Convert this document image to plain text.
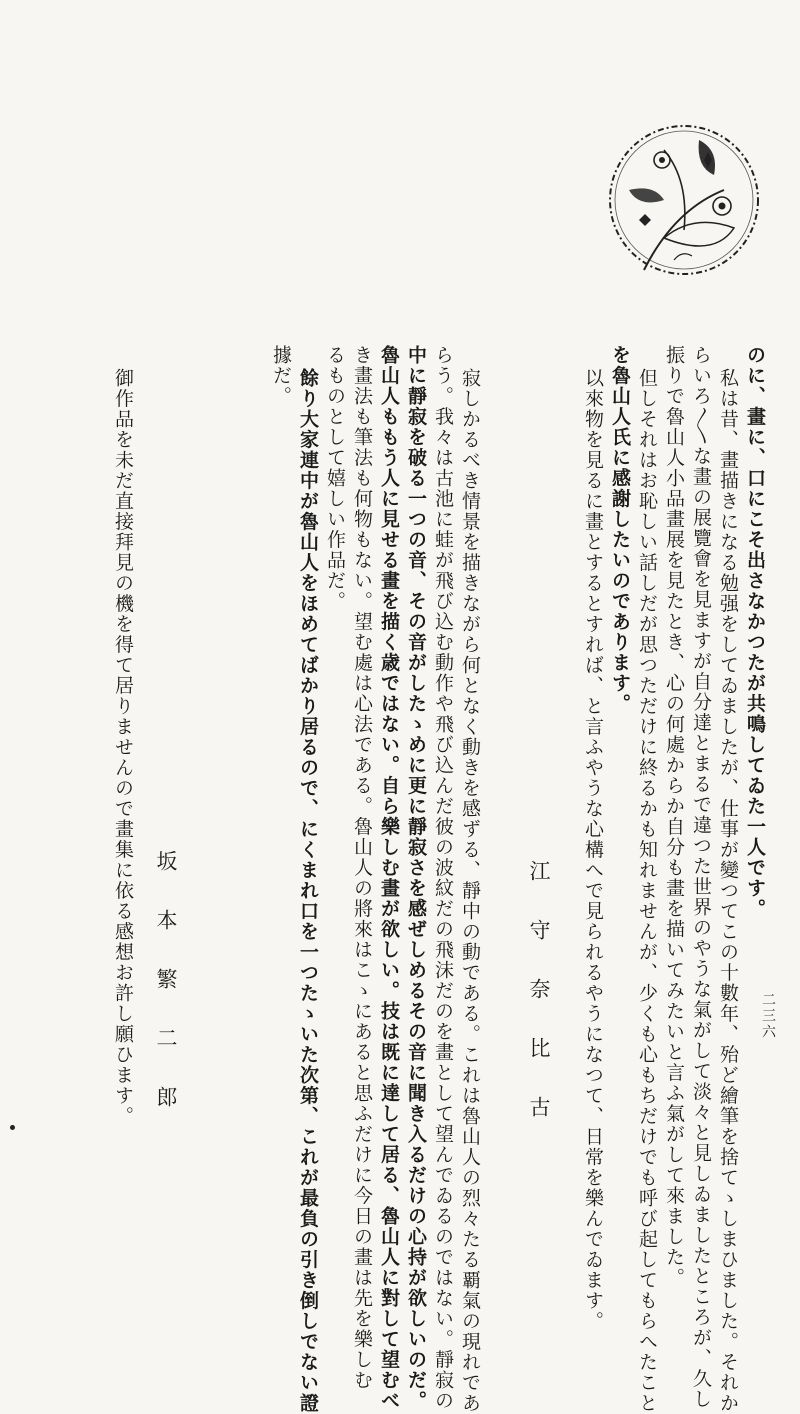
二三六
のに、畫に、口にこそ出さなかつたが共鳴してゐた一人です。
私は昔、畫描きになる勉强をしてゐましたが、仕事が變つてこの十數年、殆ど繪筆を捨てゝしまひました。それか
らいろ〳〵な畫の展覽會を見ますが自分達とまるで違つた世界のやうな氣がして淡々と見しゐましたところが、久し
振りで魯山人小品畫展を見たとき、心の何處からか自分も畫を描いてみたいと言ふ氣がして來ました。
但しそれはお恥しい話しだが思つただけに終るかも知れませんが、少くも心もちだけでも呼び起してもらへたこと
を魯山人氏に感謝したいのであります。
以來物を見るに畫とするとすれば、と言ふやうな心構へで見られるやうになつて、日常を樂んでゐます。
江守奈比古
寂しかるべき情景を描きながら何となく動きを感ずる、靜中の動である。これは魯山人の烈々たる覇氣の現れであ
らう。我々は古池に蛙が飛び込む動作や飛び込んだ彼の波紋だの飛沫だのを畫として望んでゐるのではない。靜寂の
中に靜寂を破る一つの音、その音がしたゝめに更に靜寂さを感ぜしめるその音に聞き入るだけの心持が欲しいのだ。
魯山人ももう人に見せる畫を描く歳ではない。自ら樂しむ畫が欲しい。技は既に達して居る、魯山人に對して望むべ
き畫法も筆法も何物もない。望む處は心法である。魯山人の將來はこゝにあると思ふだけに今日の畫は先を樂しむ
るものとして嬉しい作品だ。
餘り大家連中が魯山人をほめてばかり居るので、にくまれ口を一つたゝいた次第、これが最負の引き倒しでない證
據だ。
坂本繁二郎
御作品を未だ直接拜見の機を得て居りませんので畫集に依る感想お許し願ひます。
